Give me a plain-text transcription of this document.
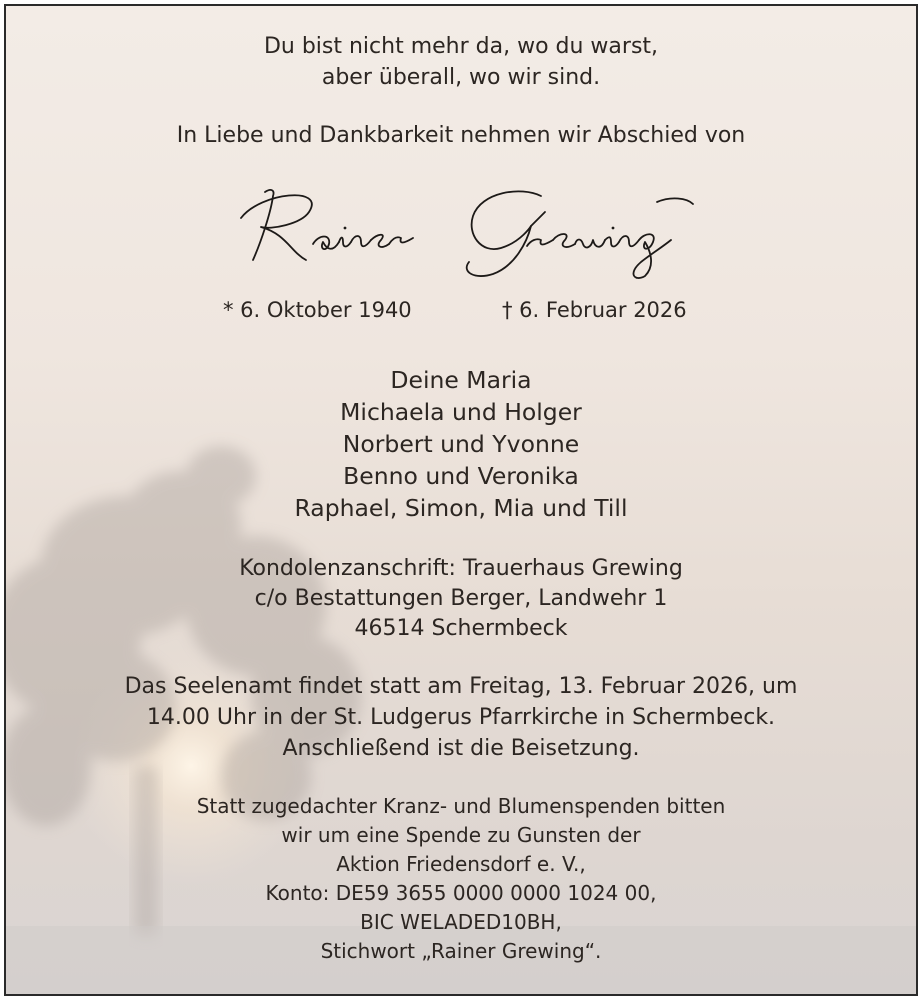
Du bist nicht mehr da, wo du warst,
aber überall, wo wir sind.
In Liebe und Dankbarkeit nehmen wir Abschied von
* 6. Oktober 1940	† 6. Februar 2026
Deine Maria
Michaela und Holger
Norbert und Yvonne
Benno und Veronika
Raphael, Simon, Mia und Till
Kondolenzanschrift: Trauerhaus Grewing
c/o Bestattungen Berger, Landwehr 1
46514 Schermbeck
Das Seelenamt findet statt am Freitag, 13. Februar 2026, um
14.00 Uhr in der St. Ludgerus Pfarrkirche in Schermbeck.
Anschließend ist die Beisetzung.
Statt zugedachter Kranz- und Blumenspenden bitten
wir um eine Spende zu Gunsten der
Aktion Friedensdorf e. V.,
Konto: DE59 3655 0000 0000 1024 00,
BIC WELADED10BH,
Stichwort „Rainer Grewing“.
